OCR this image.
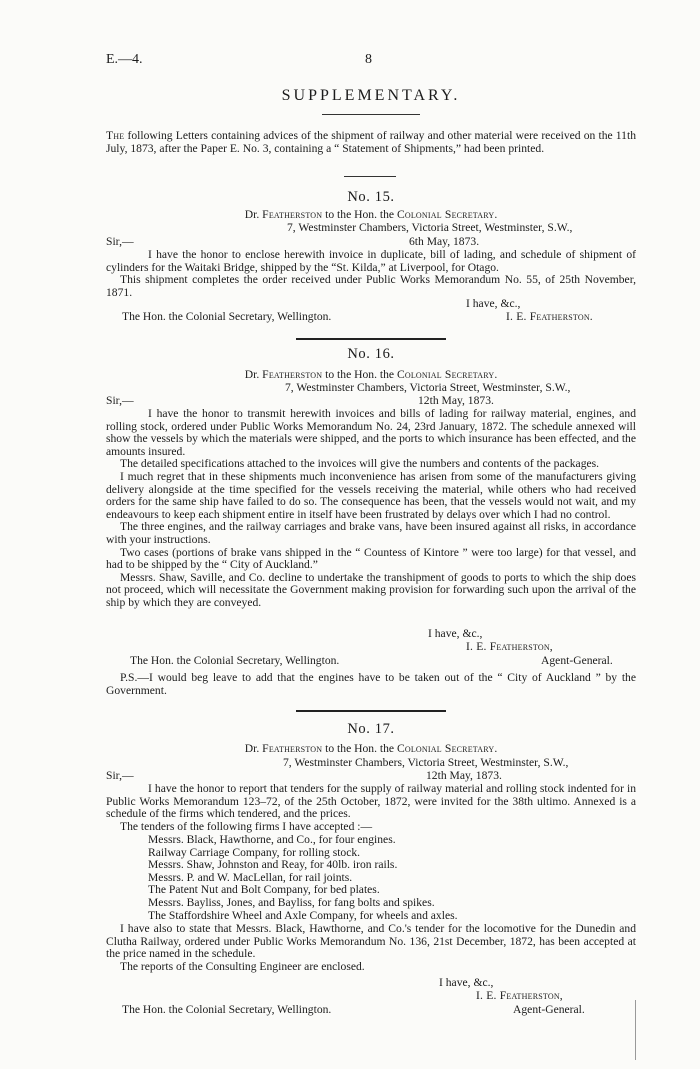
E.—4.	8
SUPPLEMENTARY.

The following Letters containing advices of the shipment of railway and other material were received on the 11th July, 1873, after the Paper E. No. 3, containing a “ Statement of Shipments,” had been printed.

No. 15.
Dr. Featherston to the Hon. the Colonial Secretary.
7, Westminster Chambers, Victoria Street, Westminster, S.W.,
Sir,—	6th May, 1873.

I have the honor to enclose herewith invoice in duplicate, bill of lading, and schedule of shipment of cylinders for the Waitaki Bridge, shipped by the “St. Kilda,” at Liverpool, for Otago.

This shipment completes the order received under Public Works Memorandum No. 55, of 25th November, 1871.

I have, &c.,
The Hon. the Colonial Secretary, Wellington.	I. E. Featherston.
No. 16.
Dr. Featherston to the Hon. the Colonial Secretary.
7, Westminster Chambers, Victoria Street, Westminster, S.W.,
Sir,—	12th May, 1873.

I have the honor to transmit herewith invoices and bills of lading for railway material, engines, and rolling stock, ordered under Public Works Memorandum No. 24, 23rd January, 1872. The schedule annexed will show the vessels by which the materials were shipped, and the ports to which insurance has been effected, and the amounts insured.

The detailed specifications attached to the invoices will give the numbers and contents of the packages.

I much regret that in these shipments much inconvenience has arisen from some of the manufacturers giving delivery alongside at the time specified for the vessels receiving the material, while others who had received orders for the same ship have failed to do so. The consequence has been, that the vessels would not wait, and my endeavours to keep each shipment entire in itself have been frustrated by delays over which I had no control.

The three engines, and the railway carriages and brake vans, have been insured against all risks, in accordance with your instructions.

Two cases (portions of brake vans shipped in the “ Countess of Kintore ” were too large) for that vessel, and had to be shipped by the “ City of Auckland.”

Messrs. Shaw, Saville, and Co. decline to undertake the transhipment of goods to ports to which the ship does not proceed, which will necessitate the Government making provision for forwarding such upon the arrival of the ship by which they are conveyed.

I have, &c.,
I. E. Featherston,
The Hon. the Colonial Secretary, Wellington.	Agent-General.

P.S.—I would beg leave to add that the engines have to be taken out of the “ City of Auckland ” by the Government.

No. 17.
Dr. Featherston to the Hon. the Colonial Secretary.
7, Westminster Chambers, Victoria Street, Westminster, S.W.,
Sir,—	12th May, 1873.

I have the honor to report that tenders for the supply of railway material and rolling stock indented for in Public Works Memorandum 123–72, of the 25th October, 1872, were invited for the 38th ultimo. Annexed is a schedule of the firms which tendered, and the prices.

The tenders of the following firms I have accepted :—

Messrs. Black, Hawthorne, and Co., for four engines.
Railway Carriage Company, for rolling stock.
Messrs. Shaw, Johnston and Reay, for 40lb. iron rails.
Messrs. P. and W. MacLellan, for rail joints.
The Patent Nut and Bolt Company, for bed plates.
Messrs. Bayliss, Jones, and Bayliss, for fang bolts and spikes.
The Staffordshire Wheel and Axle Company, for wheels and axles.

I have also to state that Messrs. Black, Hawthorne, and Co.'s tender for the locomotive for the Dunedin and Clutha Railway, ordered under Public Works Memorandum No. 136, 21st December, 1872, has been accepted at the price named in the schedule.

The reports of the Consulting Engineer are enclosed.

I have, &c.,
I. E. Featherston,
The Hon. the Colonial Secretary, Wellington.	Agent-General.
